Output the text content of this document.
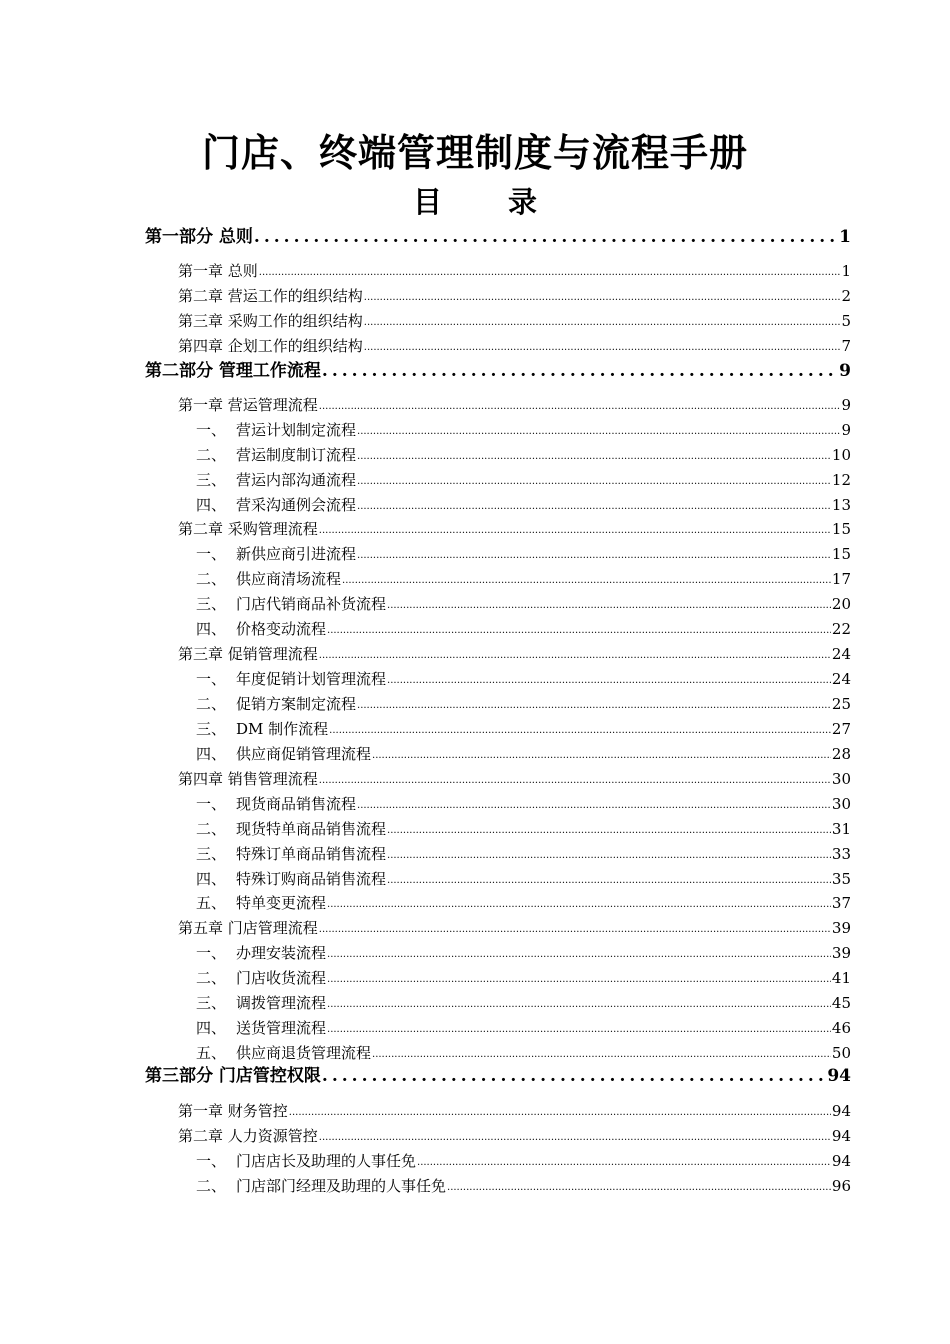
门店、终端管理制度与流程手册
目 录
第一部分 总则 .....	1
第一章 总则 .....	1
第二章 营运工作的组织结构 .....	2
第三章 采购工作的组织结构 .....	5
第四章 企划工作的组织结构 .....	7
第二部分 管理工作流程 .....	9
第一章 营运管理流程 .....	9
一、 营运计划制定流程 .....	9
二、 营运制度制订流程 .....	10
三、 营运内部沟通流程 .....	12
四、 营采沟通例会流程 .....	13
第二章 采购管理流程 .....	15
一、 新供应商引进流程 .....	15
二、 供应商清场流程 .....	17
三、 门店代销商品补货流程 .....	20
四、 价格变动流程 .....	22
第三章 促销管理流程 .....	24
一、 年度促销计划管理流程 .....	24
二、 促销方案制定流程 .....	25
三、 DM 制作流程 .....	27
四、 供应商促销管理流程 .....	28
第四章 销售管理流程 .....	30
一、 现货商品销售流程 .....	30
二、 现货特单商品销售流程 .....	31
三、 特殊订单商品销售流程 .....	33
四、 特殊订购商品销售流程 .....	35
五、 特单变更流程 .....	37
第五章 门店管理流程 .....	39
一、 办理安装流程 .....	39
二、 门店收货流程 .....	41
三、 调拨管理流程 .....	45
四、 送货管理流程 .....	46
五、 供应商退货管理流程 .....	50
第三部分 门店管控权限 .....	94
第一章 财务管控 .....	94
第二章 人力资源管控 .....	94
一、 门店店长及助理的人事任免 .....	94
二、 门店部门经理及助理的人事任免 .....	96
